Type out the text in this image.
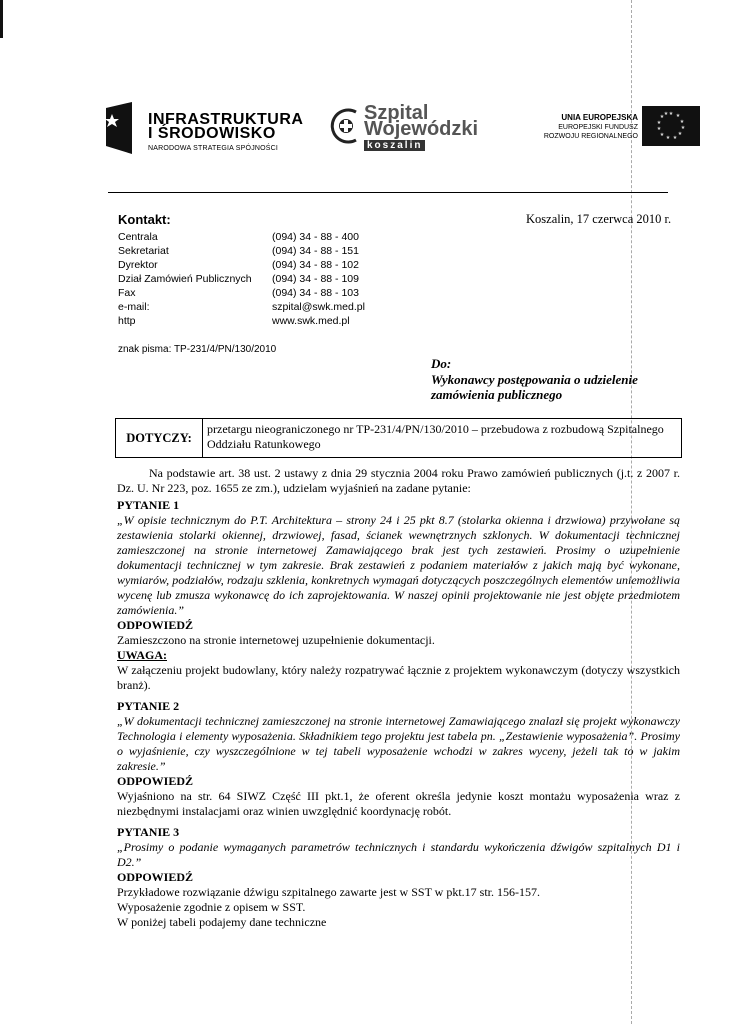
INFRASTRUKTURA
I ŚRODOWISKO
NARODOWA STRATEGIA SPÓJNOŚCI
Szpital
Wojewódzki
koszalin
UNIA EUROPEJSKA
EUROPEJSKI FUNDUSZ
ROZWOJU REGIONALNEGO
★ ★
★
★
★
★
★
★
★
★
★ ★
Kontakt:
Centrala	(094) 34 - 88 - 400
Sekretariat	(094) 34 - 88 - 151
Dyrektor	(094) 34 - 88 - 102
Dział Zamówień Publicznych (094) 34 - 88 - 109
Fax	(094) 34 - 88 - 103
e-mail:	szpital@swk.med.pl
http	www.swk.med.pl
Koszalin, 17 czerwca 2010 r.
znak pisma: TP-231/4/PN/130/2010
Do:
Wykonawcy postępowania o udzielenie
zamówienia publicznego
DOTYCZY:
przetargu nieograniczonego nr TP-231/4/PN/130/2010 – przebudowa z rozbudową Szpitalnego Oddziału Ratunkowego

Na podstawie art. 38 ust. 2 ustawy z dnia 29 stycznia 2004 roku Prawo zamówień publicznych (j.t. z 2007 r. Dz. U. Nr 223, poz. 1655 ze zm.), udzielam wyjaśnień na zadane pytanie:

PYTANIE 1

„W opisie technicznym do P.T. Architektura – strony 24 i 25 pkt 8.7 (stolarka okienna i drzwiowa) przywołane są zestawienia stolarki okiennej, drzwiowej, fasad, ścianek wewnętrznych szklonych. W dokumentacji technicznej zamieszczonej na stronie internetowej Zamawiającego brak jest tych zestawień. Prosimy o uzupełnienie dokumentacji technicznej w tym zakresie. Brak zestawień z podaniem materiałów z jakich mają być wykonane, wymiarów, podziałów, rodzaju szklenia, konkretnych wymagań dotyczących poszczególnych elementów uniemożliwia wycenę lub zmusza wykonawcę do ich zaprojektowania. W naszej opinii projektowanie nie jest objęte przedmiotem zamówienia.”

ODPOWIEDŹ

Zamieszczono na stronie internetowej uzupełnienie dokumentacji.

UWAGA:

W załączeniu projekt budowlany, który należy rozpatrywać łącznie z projektem wykonawczym (dotyczy wszystkich branż).

PYTANIE 2

„W dokumentacji technicznej zamieszczonej na stronie internetowej Zamawiającego znalazł się projekt wykonawczy Technologia i elementy wyposażenia. Składnikiem tego projektu jest tabela pn. „Zestawienie wyposażenia”. Prosimy o wyjaśnienie, czy wyszczególnione w tej tabeli wyposażenie wchodzi w zakres wyceny, jeżeli tak to w jakim zakresie.”

ODPOWIEDŹ

Wyjaśniono na str. 64 SIWZ Część III pkt.1, że oferent określa jedynie koszt montażu wyposażenia wraz z niezbędnymi instalacjami oraz winien uwzględnić koordynację robót.

PYTANIE 3

„Prosimy o podanie wymaganych parametrów technicznych i standardu wykończenia dźwigów szpitalnych D1 i D2.”

ODPOWIEDŹ

Przykładowe rozwiązanie dźwigu szpitalnego zawarte jest w SST w pkt.17 str. 156-157.

Wyposażenie zgodnie z opisem w SST.

W poniżej tabeli podajemy dane techniczne
